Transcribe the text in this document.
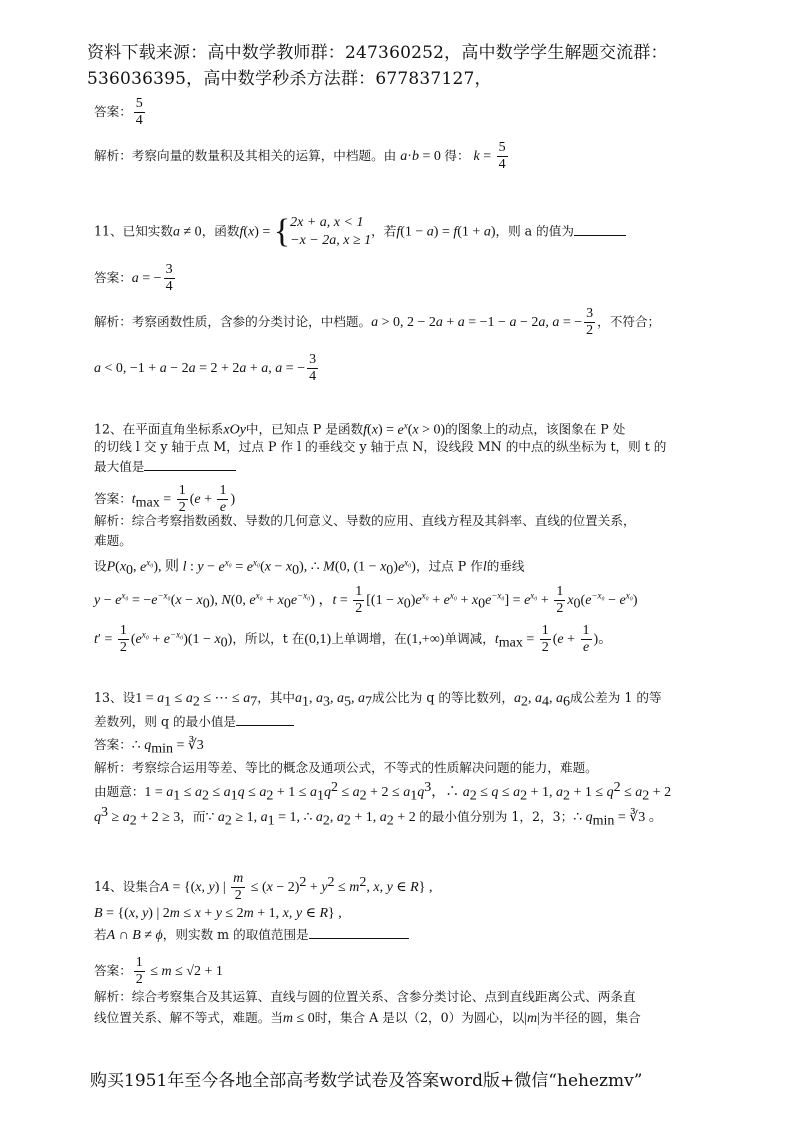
资料下载来源：高中数学教师群：247360252，高中数学学生解题交流群：
536036395，高中数学秒杀方法群：677837127，
答案： $\frac{5}{4}$
解析：考察向量的数量积及其相关的运算，中档题。由 a·b = 0 得： $k = \frac{5}{4}$
11、已知实数a ≠ 0，函数f(x) = { 2x + a, x < 1
−x − 2a, x ≥ 1
，若f(1 − a) = f(1 + a)，则 a 的值为
答案：a = − $\frac{3}{4}$
解析：考察函数性质，含参的分类讨论，中档题。a > 0, 2 − 2a + a = −1 − a − 2a, a = − $\frac{3}{2}$ ，不符合；
a < 0, −1 + a − 2a = 2 + 2a + a, a = − $\frac{3}{4}$
12、在平面直角坐标系xOy中，已知点 P 是函数$f(x) = e^x(x > 0)$的图象上的动点，该图象在 P 处
的切线 l 交 y 轴于点 M，过点 P 作 l 的垂线交 y 轴于点 N，设线段 MN 的中点的纵坐标为 t，则 t 的
最大值是
答案：$t_{max} = \frac{1}{2} (e + \frac{1}{e}$ )
解析：综合考察指数函数、导数的几何意义、导数的应用、直线方程及其斜率、直线的位置关系，
难题。
设$P(x_0$, $e^{x_0}$), 则 l : $y - e^{x_0} = e^{x_0}(x - x_0)$, ∴ M(0, $(1 - x_0)e^{x_0}$)，过点 P 作l的垂线
$y - e^{x_0} = -e^{-x_0}(x - x_0)$, N(0, $e^{x_0} + x_0e^{-x_0}$) ，$t = \frac{1}{2} [(1 - x_0)e^{x_0} + e^{x_0} + x_0e^{-x_0}] = e^{x_0} + \frac{1}{2} x_0(e^{-x_0} - e^{x_0})$
$t' = \frac{1}{2} (e^{x_0} + e^{-x_0})(1 - x_0)$，所以，t 在(0,1)上单调增，在(1,+∞)单调减，$t_{max} = \frac{1}{2} (e + \frac{1}{e}$ )。
13、设$1 = a_1 \le a_2$ ≤ ⋯ ≤ $a_7$，其中$a_1$, $a_3$, $a_5$, $a_7$成公比为 q 的等比数列，$a_2$, $a_4$, $a_6$成公差为 1 的等
差数列，则 q 的最小值是
答案：∴ $q_{min}$ = ∛3
解析：考察综合运用等差、等比的概念及通项公式，不等式的性质解决问题的能力，难题。
由题意：$1 = a_1 \le a_2 \le a_1q \le a_2 + 1 \le a_1q^2 \le a_2 + 2 \le a_1q^3$，∴ $a_2 \le q \le a_2 + 1$, $a_2 + 1 \le q^2 \le a_2 + 2$
$q^3 \ge a_2 + 2 \ge 3$，而∵ $a_2 \ge 1$, $a_1 = 1$, ∴ $a_2$, $a_2 + 1$, $a_2 + 2$ 的最小值分别为 1，2，3；∴ $q_{min}$ = ∛3 。
14、设集合A = {(x, y) | $\frac{m}{2} \le (x - 2)^2 + y^2 \le m^2$, x, y ∈ R} ,
B = {(x, y) | 2m ≤ x + y ≤ 2m + 1, x, y ∈ R} ,
若A ∩ B ≠ ϕ，则实数 m 的取值范围是
答案： $\frac{1}{2} \le m \le √2 + 1$
解析：综合考察集合及其运算、直线与圆的位置关系、含参分类讨论、点到直线距离公式、两条直
线位置关系、解不等式，难题。当m ≤ 0时，集合 A 是以（2，0）为圆心，以|m|为半径的圆，集合
购买1951年至今各地全部高考数学试卷及答案word版+微信“hehezmv”
